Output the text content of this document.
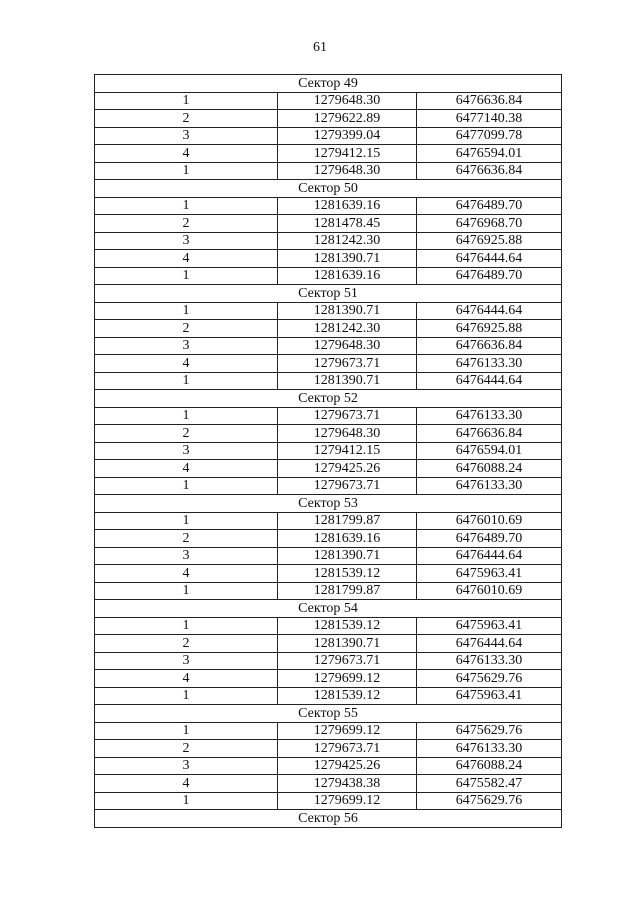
61
Сектор 49		
1	1279648.30	6476636.84
2	1279622.89	6477140.38
3	1279399.04	6477099.78
4	1279412.15	6476594.01
1	1279648.30	6476636.84
Сектор 50		
1	1281639.16	6476489.70
2	1281478.45	6476968.70
3	1281242.30	6476925.88
4	1281390.71	6476444.64
1	1281639.16	6476489.70
Сектор 51		
1	1281390.71	6476444.64
2	1281242.30	6476925.88
3	1279648.30	6476636.84
4	1279673.71	6476133.30
1	1281390.71	6476444.64
Сектор 52		
1	1279673.71	6476133.30
2	1279648.30	6476636.84
3	1279412.15	6476594.01
4	1279425.26	6476088.24
1	1279673.71	6476133.30
Сектор 53		
1	1281799.87	6476010.69
2	1281639.16	6476489.70
3	1281390.71	6476444.64
4	1281539.12	6475963.41
1	1281799.87	6476010.69
Сектор 54		
1	1281539.12	6475963.41
2	1281390.71	6476444.64
3	1279673.71	6476133.30
4	1279699.12	6475629.76
1	1281539.12	6475963.41
Сектор 55		
1	1279699.12	6475629.76
2	1279673.71	6476133.30
3	1279425.26	6476088.24
4	1279438.38	6475582.47
1	1279699.12	6475629.76
Сектор 56		
